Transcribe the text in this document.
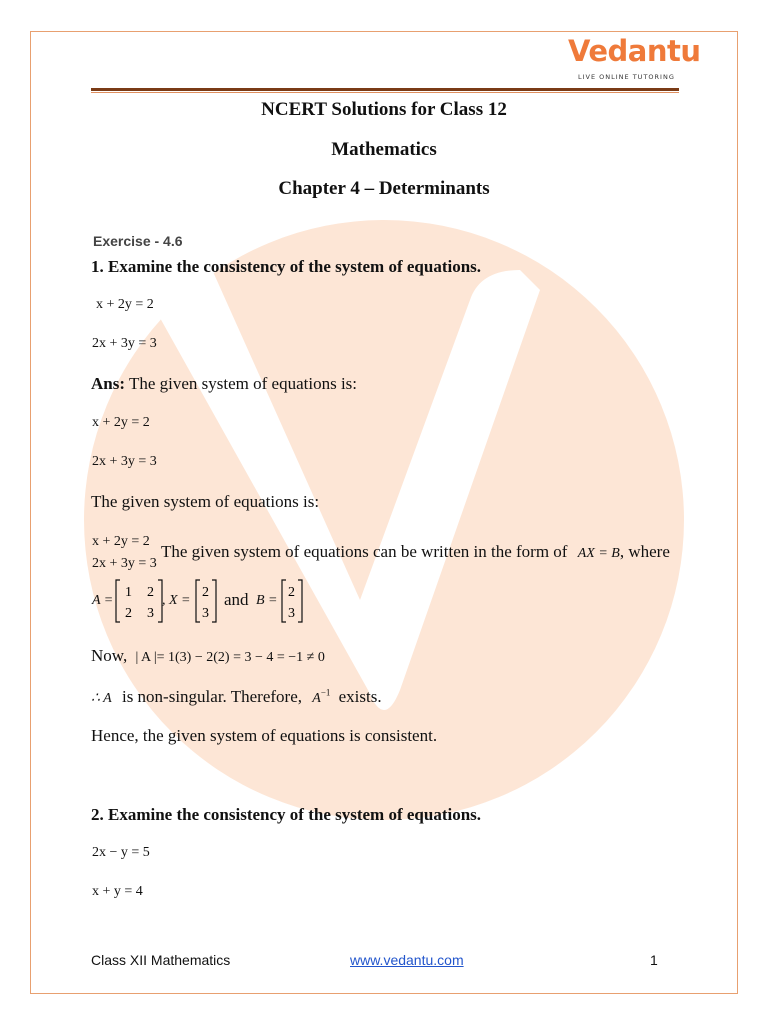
Vedantu
LIVE ONLINE TUTORING
NCERT Solutions for Class 12
Mathematics
Chapter 4 – Determinants
Exercise - 4.6
1. Examine the consistency of the system of equations.
x + 2y = 2
2x + 3y = 3
Ans: The given system of equations is:
x + 2y = 2
2x + 3y = 3
The given system of equations is:
x + 2y = 2
2x + 3y = 3
The given system of equations can be written in the form of AX = B, where
A =
1 2
2 3
, X =
2
3
and B =
2
3
Now, | A |= 1(3) − 2(2) = 3 − 4 = −1 ≠ 0
∴ A is non-singular. Therefore, $A^{-1}$ exists.
Hence, the given system of equations is consistent.
2. Examine the consistency of the system of equations.
2x − y = 5
x + y = 4
Class XII Mathematics	www.vedantu.com	1
